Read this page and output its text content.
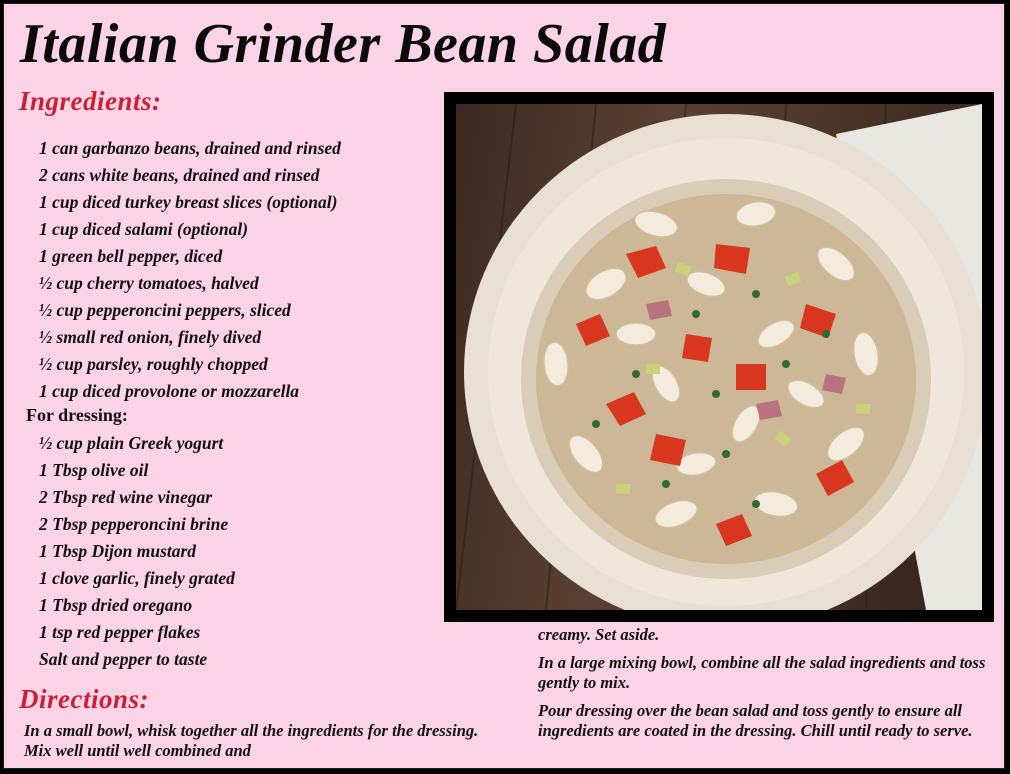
Italian Grinder Bean Salad
Ingredients:
1 can garbanzo beans, drained and rinsed
2 cans white beans, drained and rinsed
1 cup diced turkey breast slices (optional)
1 cup diced salami (optional)
1 green bell pepper, diced
½ cup cherry tomatoes, halved
½ cup pepperoncini peppers, sliced
½ small red onion, finely dived
½ cup parsley, roughly chopped
1 cup diced provolone or mozzarella

For dressing:

½ cup plain Greek yogurt
1 Tbsp olive oil
2 Tbsp red wine vinegar
2 Tbsp pepperoncini brine
1 Tbsp Dijon mustard
1 clove garlic, finely grated
1 Tbsp dried oregano
1 tsp red pepper flakes
Salt and pepper to taste
Directions:

In a small bowl, whisk together all the ingredients for the dressing. Mix well until well combined and

creamy. Set aside.

In a large mixing bowl, combine all the salad ingredients and toss gently to mix.

Pour dressing over the bean salad and toss gently to ensure all ingredients are coated in the dressing. Chill until ready to serve.
